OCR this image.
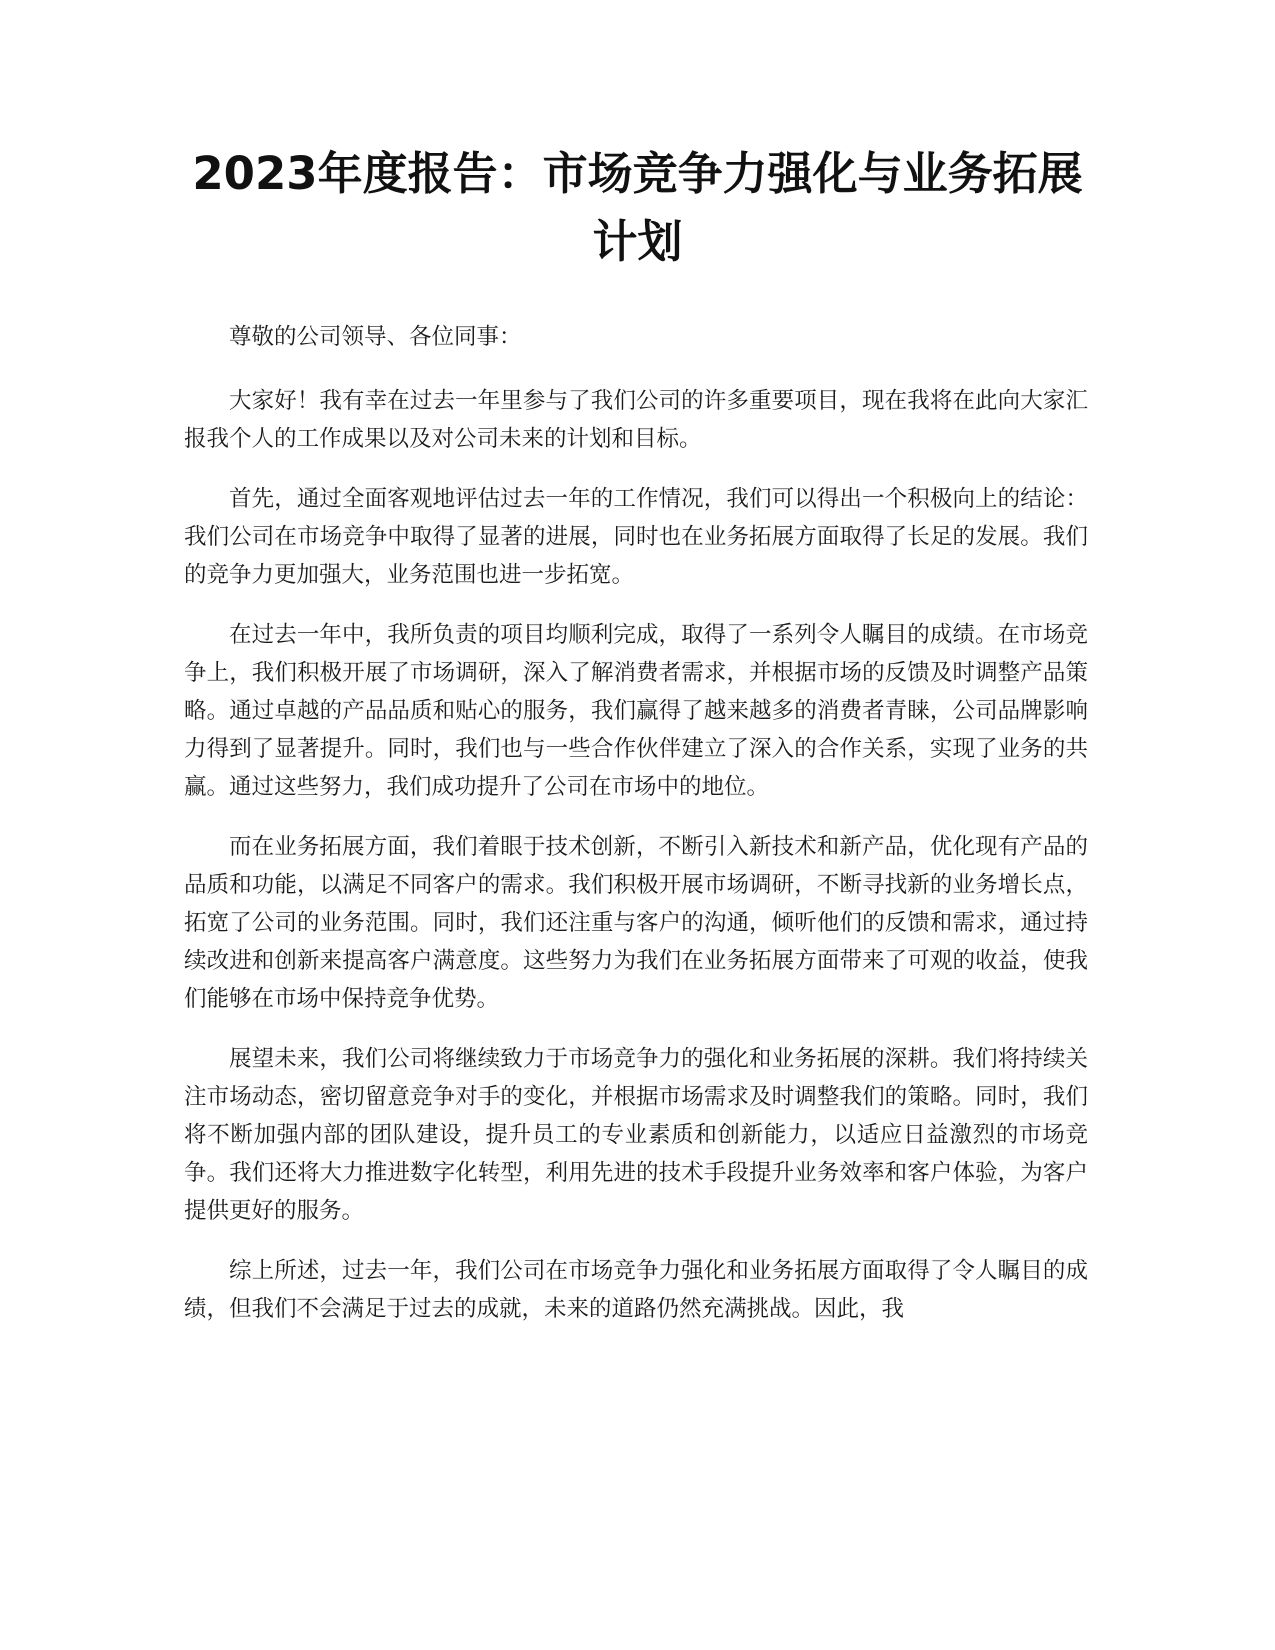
2023年度报告：市场竞争力强化与业务拓展
计划

尊敬的公司领导、各位同事：

大家好！我有幸在过去一年里参与了我们公司的许多重要项目，现在我将在此向大家汇报我个人的工作成果以及对公司未来的计划和目标。

首先，通过全面客观地评估过去一年的工作情况，我们可以得出一个积极向上的结论：我们公司在市场竞争中取得了显著的进展，同时也在业务拓展方面取得了长足的发展。我们的竞争力更加强大，业务范围也进一步拓宽。

在过去一年中，我所负责的项目均顺利完成，取得了一系列令人瞩目的成绩。在市场竞争上，我们积极开展了市场调研，深入了解消费者需求，并根据市场的反馈及时调整产品策略。通过卓越的产品品质和贴心的服务，我们赢得了越来越多的消费者青睐，公司品牌影响力得到了显著提升。同时，我们也与一些合作伙伴建立了深入的合作关系，实现了业务的共赢。通过这些努力，我们成功提升了公司在市场中的地位。

而在业务拓展方面，我们着眼于技术创新，不断引入新技术和新产品，优化现有产品的品质和功能，以满足不同客户的需求。我们积极开展市场调研，不断寻找新的业务增长点，拓宽了公司的业务范围。同时，我们还注重与客户的沟通，倾听他们的反馈和需求，通过持续改进和创新来提高客户满意度。这些努力为我们在业务拓展方面带来了可观的收益，使我们能够在市场中保持竞争优势。

展望未来，我们公司将继续致力于市场竞争力的强化和业务拓展的深耕。我们将持续关注市场动态，密切留意竞争对手的变化，并根据市场需求及时调整我们的策略。同时，我们将不断加强内部的团队建设，提升员工的专业素质和创新能力，以适应日益激烈的市场竞争。我们还将大力推进数字化转型，利用先进的技术手段提升业务效率和客户体验，为客户提供更好的服务。

综上所述，过去一年，我们公司在市场竞争力强化和业务拓展方面取得了令人瞩目的成绩，但我们不会满足于过去的成就，未来的道路仍然充满挑战。因此，我
